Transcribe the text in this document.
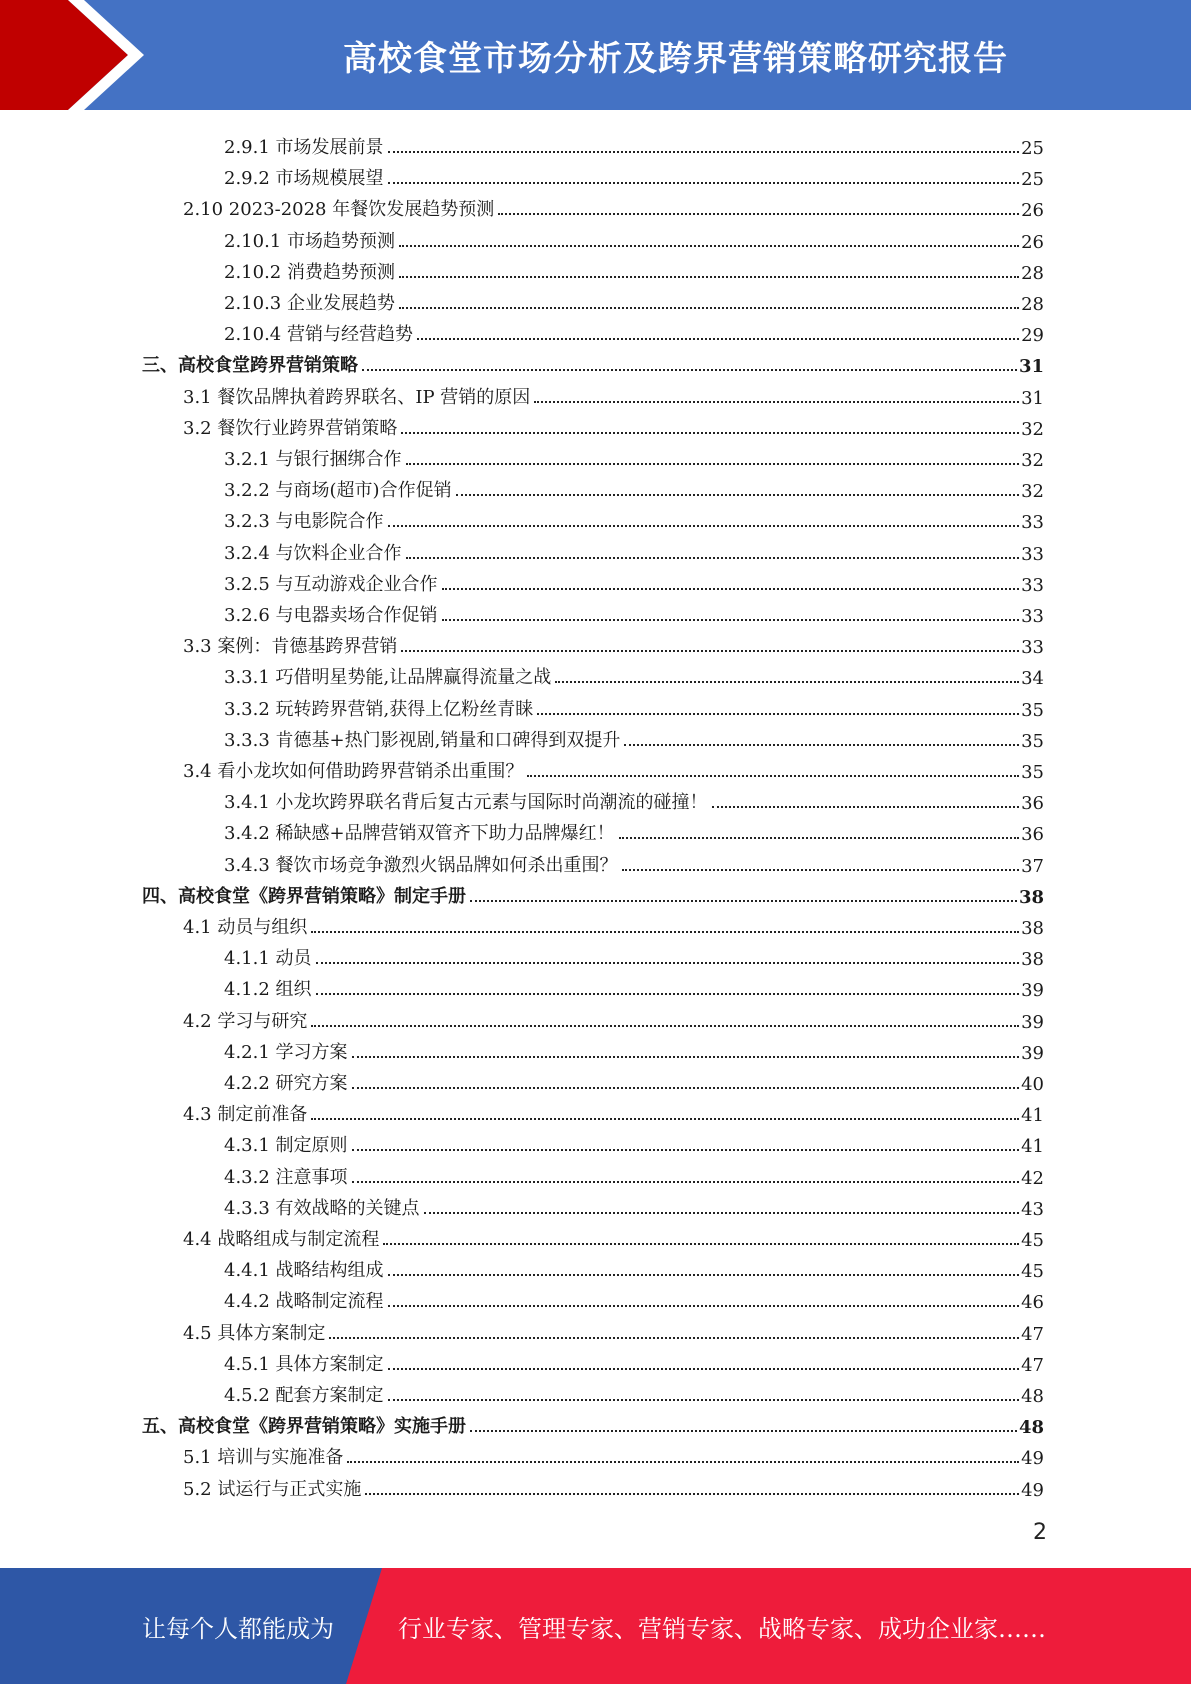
高校食堂市场分析及跨界营销策略研究报告
2.9.1 市场发展前景	25
2.9.2 市场规模展望	25
2.10 2023-2028 年餐饮发展趋势预测	26
2.10.1 市场趋势预测	26
2.10.2 消费趋势预测	28
2.10.3 企业发展趋势	28
2.10.4 营销与经营趋势	29
三、高校食堂跨界营销策略	31
3.1 餐饮品牌执着跨界联名、IP 营销的原因	31
3.2 餐饮行业跨界营销策略	32
3.2.1 与银行捆绑合作	32
3.2.2 与商场(超市)合作促销	32
3.2.3 与电影院合作	33
3.2.4 与饮料企业合作	33
3.2.5 与互动游戏企业合作	33
3.2.6 与电器卖场合作促销	33
3.3 案例：肯德基跨界营销	33
3.3.1 巧借明星势能,让品牌赢得流量之战	34
3.3.2 玩转跨界营销,获得上亿粉丝青睐	35
3.3.3 肯德基+热门影视剧,销量和口碑得到双提升	35
3.4 看小龙坎如何借助跨界营销杀出重围？	35
3.4.1 小龙坎跨界联名背后复古元素与国际时尚潮流的碰撞！	36
3.4.2 稀缺感+品牌营销双管齐下助力品牌爆红！	36
3.4.3 餐饮市场竞争激烈火锅品牌如何杀出重围？	37
四、高校食堂《跨界营销策略》制定手册	38
4.1 动员与组织	38
4.1.1 动员	38
4.1.2 组织	39
4.2 学习与研究	39
4.2.1 学习方案	39
4.2.2 研究方案	40
4.3 制定前准备	41
4.3.1 制定原则	41
4.3.2 注意事项	42
4.3.3 有效战略的关键点	43
4.4 战略组成与制定流程	45
4.4.1 战略结构组成	45
4.4.2 战略制定流程	46
4.5 具体方案制定	47
4.5.1 具体方案制定	47
4.5.2 配套方案制定	48
五、高校食堂《跨界营销策略》实施手册	48
5.1 培训与实施准备	49
5.2 试运行与正式实施	49
2
让每个人都能成为	行业专家、管理专家、营销专家、战略专家、成功企业家……
